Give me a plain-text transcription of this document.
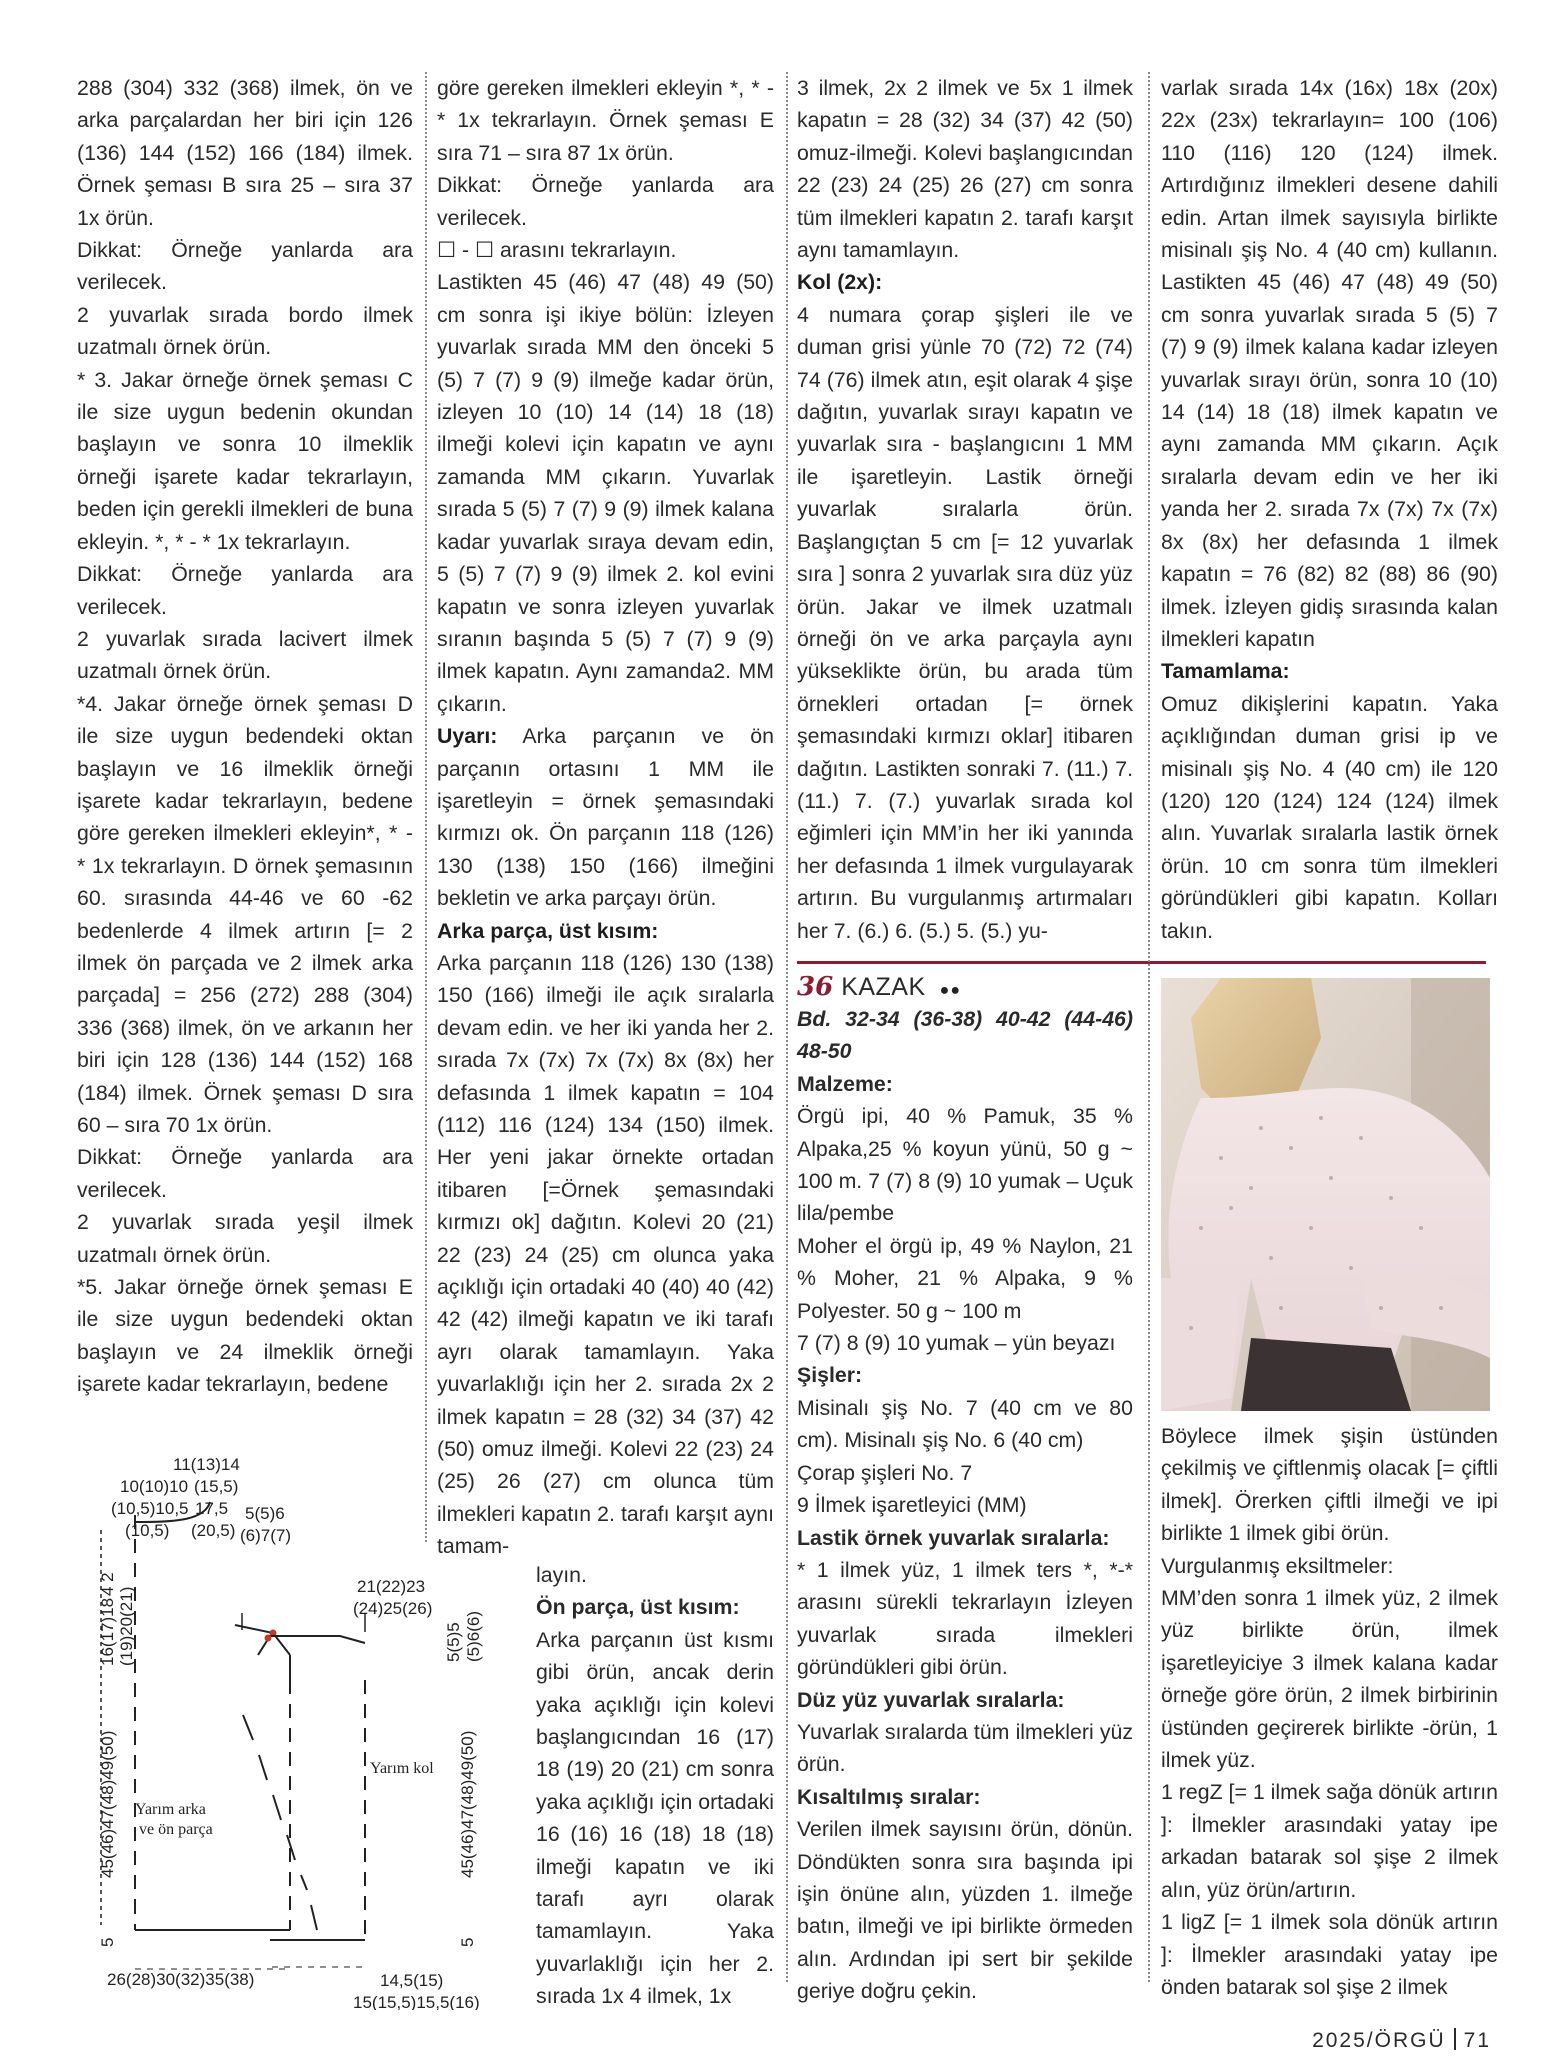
288 (304) 332 (368) ilmek, ön ve arka parçalardan her biri için 126 (136) 144 (152) 166 (184) ilmek. Örnek şeması B sıra 25 – sıra 37 1x örün.

Dikkat: Örneğe yanlarda ara verilecek.

2 yuvarlak sırada bordo ilmek uzatmalı örnek örün.

* 3. Jakar örneğe örnek şeması C ile size uygun bedenin okundan başlayın ve sonra 10 ilmeklik örneği işarete kadar tekrarlayın, beden için gerekli ilmekleri de buna ekleyin. *, * - * 1x tekrarlayın.

Dikkat: Örneğe yanlarda ara verilecek.

2 yuvarlak sırada lacivert ilmek uzatmalı örnek örün.

*4. Jakar örneğe örnek şeması D ile size uygun bedendeki oktan başlayın ve 16 ilmeklik örneği işarete kadar tekrarlayın, bedene göre gereken ilmekleri ekleyin*, * - * 1x tekrarlayın. D örnek şemasının 60. sırasında 44-46 ve 60 -62 bedenlerde 4 ilmek artırın [= 2 ilmek ön parçada ve 2 ilmek arka parçada] = 256 (272) 288 (304) 336 (368) ilmek, ön ve arkanın her biri için 128 (136) 144 (152) 168 (184) ilmek. Örnek şeması D sıra 60 – sıra 70 1x örün.

Dikkat: Örneğe yanlarda ara verilecek.

2 yuvarlak sırada yeşil ilmek uzatmalı örnek örün.

*5. Jakar örneğe örnek şeması E ile size uygun bedendeki oktan başlayın ve 24 ilmeklik örneği işarete kadar tekrarlayın, bedene

göre gereken ilmekleri ekleyin *, * - * 1x tekrarlayın. Örnek şeması E sıra 71 – sıra 87 1x örün.

Dikkat: Örneğe yanlarda ara verilecek.

☐ - ☐ arasını tekrarlayın.

Lastikten 45 (46) 47 (48) 49 (50) cm sonra işi ikiye bölün: İzleyen yuvarlak sırada MM den önceki 5 (5) 7 (7) 9 (9) ilmeğe kadar örün, izleyen 10 (10) 14 (14) 18 (18) ilmeği kolevi için kapatın ve aynı zamanda MM çıkarın. Yuvarlak sırada 5 (5) 7 (7) 9 (9) ilmek kalana kadar yuvarlak sıraya devam edin, 5 (5) 7 (7) 9 (9) ilmek 2. kol evini kapatın ve sonra izleyen yuvarlak sıranın başında 5 (5) 7 (7) 9 (9) ilmek kapatın. Aynı zamanda2. MM çıkarın.

Uyarı: Arka parçanın ve ön parçanın ortasını 1 MM ile işaretleyin = örnek şemasındaki kırmızı ok. Ön parçanın 118 (126) 130 (138) 150 (166) ilmeğini bekletin ve arka parçayı örün.

Arka parça, üst kısım:

Arka parçanın 118 (126) 130 (138) 150 (166) ilmeği ile açık sıralarla devam edin. ve her iki yanda her 2. sırada 7x (7x) 7x (7x) 8x (8x) her defasında 1 ilmek kapatın = 104 (112) 116 (124) 134 (150) ilmek. Her yeni jakar örnekte ortadan itibaren [=Örnek şemasındaki kırmızı ok] dağıtın. Kolevi 20 (21) 22 (23) 24 (25) cm olunca yaka açıklığı için ortadaki 40 (40) 40 (42) 42 (42) ilmeği kapatın ve iki tarafı ayrı olarak tamamlayın. Yaka yuvarlaklığı için her 2. sırada 2x 2 ilmek kapatın = 28 (32) 34 (37) 42 (50) omuz ilmeği. Kolevi 22 (23) 24 (25) 26 (27) cm olunca tüm ilmekleri kapatın 2. tarafı karşıt aynı tamam-

layın.

Ön parça, üst kısım:

Arka parçanın üst kısmı gibi örün, ancak derin yaka açıklığı için kolevi başlangıcından 16 (17) 18 (19) 20 (21) cm sonra yaka açıklığı için ortadaki 16 (16) 16 (18) 18 (18) ilmeği kapatın ve iki tarafı ayrı olarak tamamlayın. Yaka yuvarlaklığı için her 2. sırada 1x 4 ilmek, 1x

3 ilmek, 2x 2 ilmek ve 5x 1 ilmek kapatın = 28 (32) 34 (37) 42 (50) omuz-ilmeği. Kolevi başlangıcından 22 (23) 24 (25) 26 (27) cm sonra tüm ilmekleri kapatın 2. tarafı karşıt aynı tamamlayın.

Kol (2x):

4 numara çorap şişleri ile ve duman grisi yünle 70 (72) 72 (74) 74 (76) ilmek atın, eşit olarak 4 şişe dağıtın, yuvarlak sırayı kapatın ve yuvarlak sıra - başlangıcını 1 MM ile işaretleyin. Lastik örneği yuvarlak sıralarla örün. Başlangıçtan 5 cm [= 12 yuvarlak sıra ] sonra 2 yuvarlak sıra düz yüz örün. Jakar ve ilmek uzatmalı örneği ön ve arka parçayla aynı yükseklikte örün, bu arada tüm örnekleri ortadan [= örnek şemasındaki kırmızı oklar] itibaren dağıtın. Lastikten sonraki 7. (11.) 7. (11.) 7. (7.) yuvarlak sırada kol eğimleri için MM’in her iki yanında her defasında 1 ilmek vurgulayarak artırın. Bu vurgulanmış artırmaları her 7. (6.) 6. (5.) 5. (5.) yu-

36 KAZAK ●●

Bd. 32-34 (36-38) 40-42 (44-46) 48-50

Malzeme:

Örgü ipi, 40 % Pamuk, 35 % Alpaka,25 % koyun yünü, 50 g ~ 100 m. 7 (7) 8 (9) 10 yumak – Uçuk lila/pembe

Moher el örgü ip, 49 % Naylon, 21 % Moher, 21 % Alpaka, 9 % Polyester. 50 g ~ 100 m

7 (7) 8 (9) 10 yumak – yün beyazı

Şişler:

Misinalı şiş No. 7 (40 cm ve 80 cm). Misinalı şiş No. 6 (40 cm)

Çorap şişleri No. 7

9 İlmek işaretleyici (MM)

Lastik örnek yuvarlak sıralarla:

* 1 ilmek yüz, 1 ilmek ters *, *-* arasını sürekli tekrarlayın İzleyen yuvarlak sırada ilmekleri göründükleri gibi örün.

Düz yüz yuvarlak sıralarla:

Yuvarlak sıralarda tüm ilmekleri yüz örün.

Kısaltılmış sıralar:

Verilen ilmek sayısını örün, dönün. Döndükten sonra sıra başında ipi işin önüne alın, yüzden 1. ilmeğe batın, ilmeği ve ipi birlikte örmeden alın. Ardından ipi sert bir şekilde geriye doğru çekin.

varlak sırada 14x (16x) 18x (20x) 22x (23x) tekrarlayın= 100 (106) 110 (116) 120 (124) ilmek. Artırdığınız ilmekleri desene dahili edin. Artan ilmek sayısıyla birlikte misinalı şiş No. 4 (40 cm) kullanın. Lastikten 45 (46) 47 (48) 49 (50) cm sonra yuvarlak sırada 5 (5) 7 (7) 9 (9) ilmek kalana kadar izleyen yuvarlak sırayı örün, sonra 10 (10) 14 (14) 18 (18) ilmek kapatın ve aynı zamanda MM çıkarın. Açık sıralarla devam edin ve her iki yanda her 2. sırada 7x (7x) 7x (7x) 8x (8x) her defasında 1 ilmek kapatın = 76 (82) 82 (88) 86 (90) ilmek. İzleyen gidiş sırasında kalan ilmekleri kapatın

Tamamlama:

Omuz dikişlerini kapatın. Yaka açıklığından duman grisi ip ve misinalı şiş No. 4 (40 cm) ile 120 (120) 120 (124) 124 (124) ilmek alın. Yuvarlak sıralarla lastik örnek örün. 10 cm sonra tüm ilmekleri göründükleri gibi kapatın. Kolları takın.

Böylece ilmek şişin üstünden çekilmiş ve çiftlenmiş olacak [= çiftli ilmek]. Örerken çiftli ilmeği ve ipi birlikte 1 ilmek gibi örün.

Vurgulanmış eksiltmeler:

MM’den sonra 1 ilmek yüz, 2 ilmek yüz birlikte örün, ilmek işaretleyiciye 3 ilmek kalana kadar örneğe göre örün, 2 ilmek birbirinin üstünden geçirerek birlikte -örün, 1 ilmek yüz.

1 regZ [= 1 ilmek sağa dönük artırın ]: İlmekler arasındaki yatay ipe arkadan batarak sol şişe 2 ilmek alın, yüz örün/artırın.

1 ligZ [= 1 ilmek sola dönük artırın ]: İlmekler arasındaki yatay ipe önden batarak sol şişe 2 ilmek

11(13)14
(15,5)
17,5
(20,5)
10(10)10
(10,5)10,5
(10,5)
5(5)6
(6)7(7)
16(17)18 (19)20(21)
4 2
45(46)47(48)49(50)
5
Yarım arka
ve ön parça
26(28)30(32)35(38)
21(22)23
(24)25(26)
5(5)5 (5)6(6)
Yarım kol 45(46)47(48)49(50)
5
14,5(15)
15(15,5)15,5(16)
2025/ÖRGÜ 71
